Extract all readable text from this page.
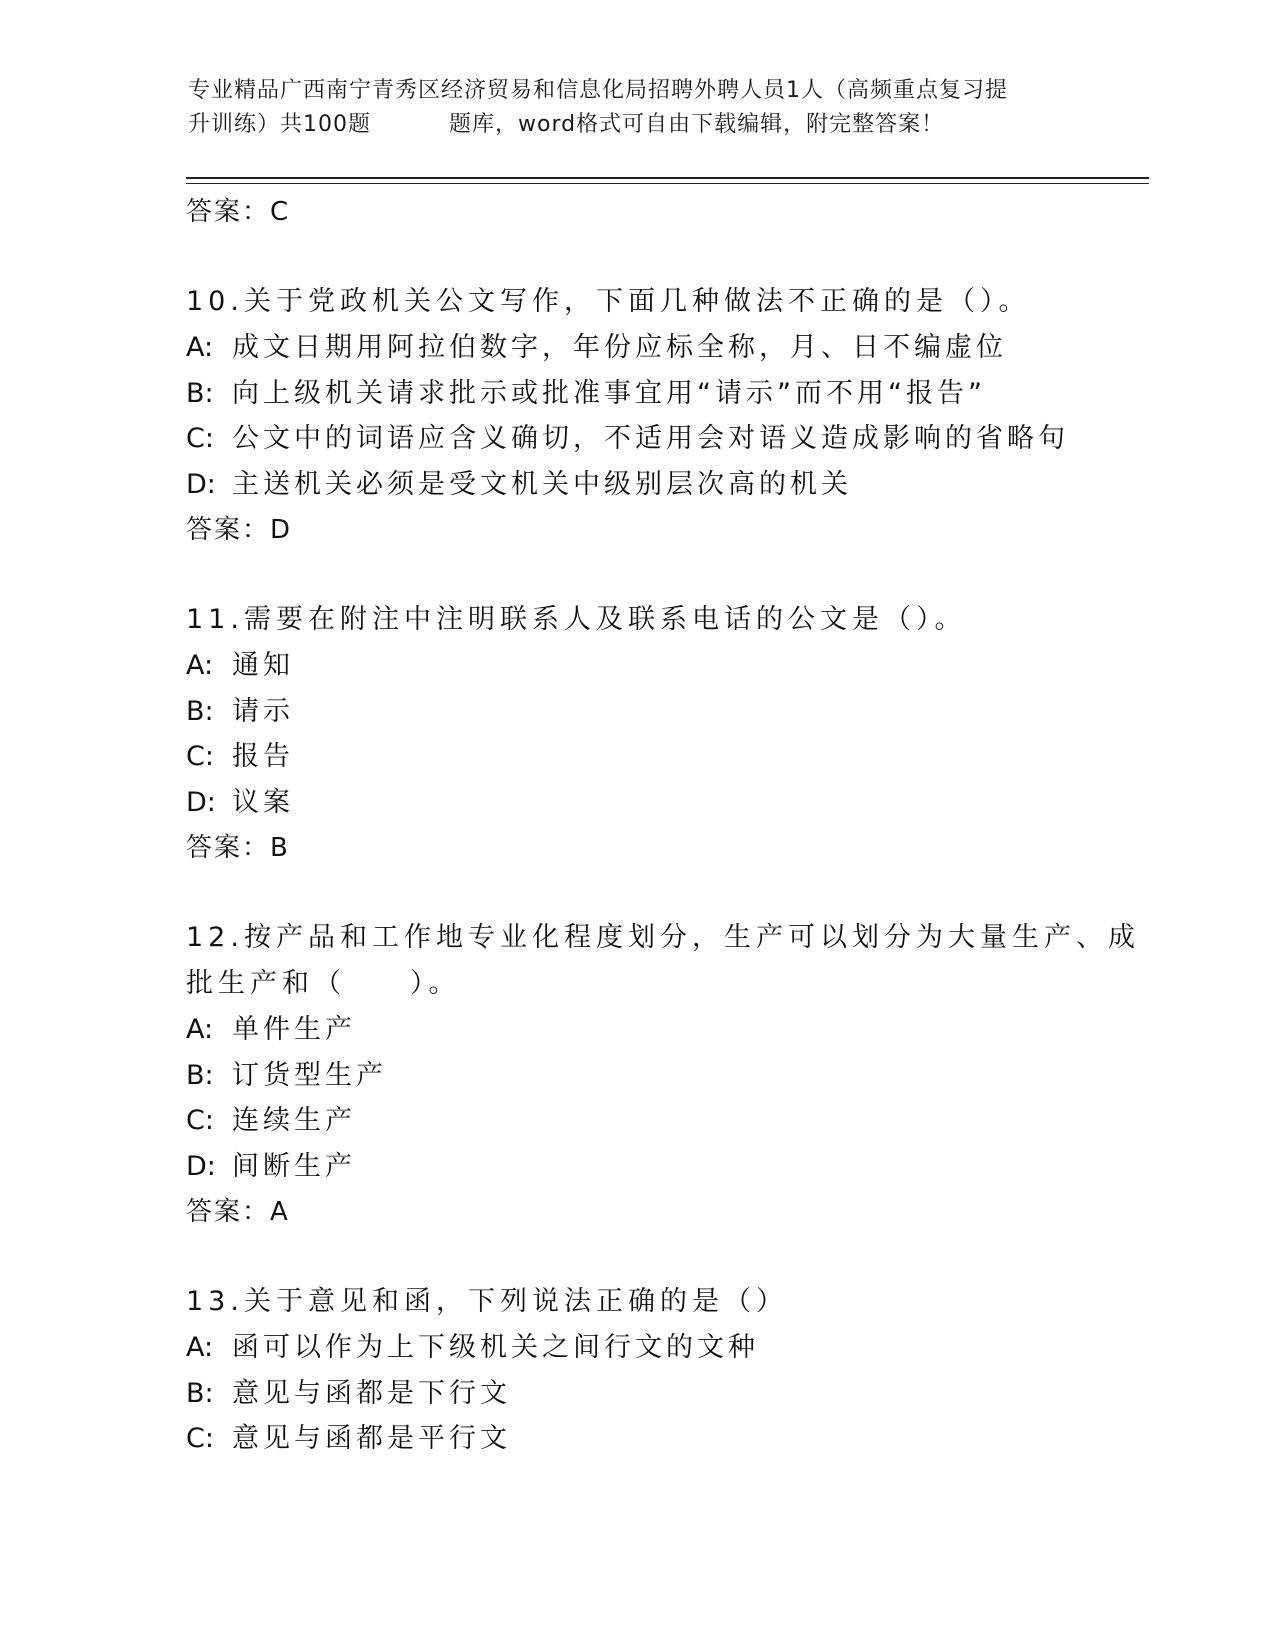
专业精品广西南宁青秀区经济贸易和信息化局招聘外聘人员1人（高频重点复习提
升训练）共100题	题库，word格式可自由下载编辑，附完整答案！
答案：C
10.关于党政机关公文写作，下面几种做法不正确的是（）。
A: 成文日期用阿拉伯数字，年份应标全称，月、日不编虚位
B: 向上级机关请求批示或批准事宜用“请示”而不用“报告”
C: 公文中的词语应含义确切，不适用会对语义造成影响的省略句
D: 主送机关必须是受文机关中级别层次高的机关
答案：D
11.需要在附注中注明联系人及联系电话的公文是（）。
A: 通知
B: 请示
C: 报告
D: 议案
答案：B
12.按产品和工作地专业化程度划分，生产可以划分为大量生产、成批生产和（　　）。
A: 单件生产
B: 订货型生产
C: 连续生产
D: 间断生产
答案：A
13.关于意见和函，下列说法正确的是（）
A: 函可以作为上下级机关之间行文的文种
B: 意见与函都是下行文
C: 意见与函都是平行文
